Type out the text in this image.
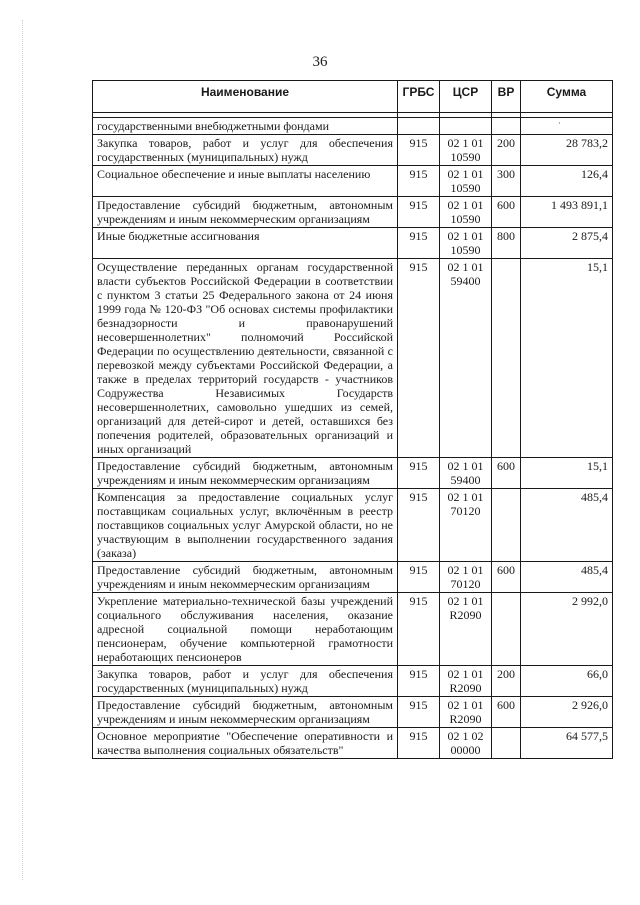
36
·
Наименование	ГРБС	ЦСР	ВР	Сумма

государственными внебюджетными фондами				
Закупка товаров, работ и услуг для обеспечения государственных (муниципальных) нужд	915	02 1 01 10590	200	28 783,2
Социальное обеспечение и иные выплаты населению	915	02 1 01 10590	300	126,4
Предоставление субсидий бюджетным, автономным учреждениям и иным некоммерческим организациям	915	02 1 01 10590	600	1 493 891,1
Иные бюджетные ассигнования	915	02 1 01 10590	800	2 875,4
Осуществление переданных органам государственной власти субъектов Российской Федерации в соответствии с пунктом 3 статьи 25 Федерального закона от 24 июня 1999 года № 120-ФЗ "Об основах системы профилактики безнадзорности и правонарушений несовершеннолетних" полномочий Российской Федерации по осуществлению деятельности, связанной с перевозкой между субъектами Российской Федерации, а также в пределах территорий государств - участников Содружества Независимых Государств несовершеннолетних, самовольно ушедших из семей, организаций для детей-сирот и детей, оставшихся без попечения родителей, образовательных организаций и иных организаций	915	02 1 01 59400		15,1
Предоставление субсидий бюджетным, автономным учреждениям и иным некоммерческим организациям	915	02 1 01 59400	600	15,1
Компенсация за предоставление социальных услуг поставщикам социальных услуг, включённым в реестр поставщиков социальных услуг Амурской области, но не участвующим в выполнении государственного задания (заказа)	915	02 1 01 70120		485,4
Предоставление субсидий бюджетным, автономным учреждениям и иным некоммерческим организациям	915	02 1 01 70120	600	485,4
Укрепление материально-технической базы учреждений социального обслуживания населения, оказание адресной социальной помощи неработающим пенсионерам, обучение компьютерной грамотности неработающих пенсионеров	915	02 1 01 R2090		2 992,0
Закупка товаров, работ и услуг для обеспечения государственных (муниципальных) нужд	915	02 1 01 R2090	200	66,0
Предоставление субсидий бюджетным, автономным учреждениям и иным некоммерческим организациям	915	02 1 01 R2090	600	2 926,0
Основное мероприятие "Обеспечение оперативности и качества выполнения социальных обязательств"	915	02 1 02 00000		64 577,5
